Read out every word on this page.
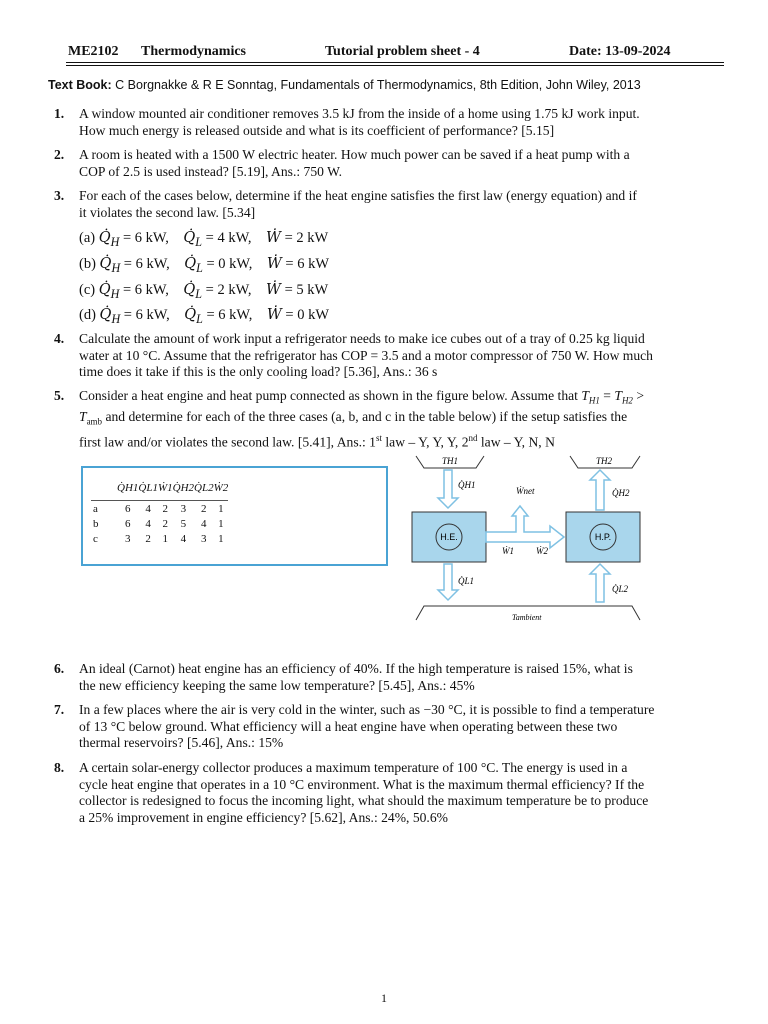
ME2102 Thermodynamics	Tutorial problem sheet - 4	Date: 13-09-2024
Text Book: C Borgnakke & R E Sonntag, Fundamentals of Thermodynamics, 8th Edition, John Wiley, 2013
1. A window mounted air conditioner removes 3.5 kJ from the inside of a home using 1.75 kJ work input.
How much energy is released outside and what is its coefficient of performance? [5.15]
2. A room is heated with a 1500 W electric heater. How much power can be saved if a heat pump with a
COP of 2.5 is used instead? [5.19], Ans.: 750 W.
3. For each of the cases below, determine if the heat engine satisfies the first law (energy equation) and if
it violates the second law. [5.34]
(a) $Q̇_H = 6$ kW, $Q̇_L = 4$ kW, Ẇ = 2 kW
(b) $Q̇_H = 6$ kW, $Q̇_L = 0$ kW, Ẇ = 6 kW
(c) $Q̇_H = 6$ kW, $Q̇_L = 2$ kW, Ẇ = 5 kW
(d) $Q̇_H = 6$ kW, $Q̇_L = 6$ kW, Ẇ = 0 kW
4. Calculate the amount of work input a refrigerator needs to make ice cubes out of a tray of 0.25 kg liquid
water at 10 °C. Assume that the refrigerator has COP = 3.5 and a motor compressor of 750 W. How much
time does it take if this is the only cooling load? [5.36], Ans.: 36 s
5. Consider a heat engine and heat pump connected as shown in the figure below. Assume that $T_{H1} = T_{H2}$ >
$T_{amb}$ and determine for each of the three cases (a, b, and c in the table below) if the setup satisfies the
first law and/or violates the second law. [5.41], Ans.: 1st law – Y, Y, Y, 2nd law – Y, N, N
	Q̇H1	Q̇L1	Ẇ1	Q̇H2	Q̇L2	Ẇ2
a	6	4	2	3	2	1
b	6	4	2	5	4	1
c	3	2	1	4	3	1
TH1	TH2
Q̇H1
Q̇H2
H.E.	H.P.
Ẇnet
Ẇ1 Ẇ2
Q̇L1
Q̇L2
Tambient
6. An ideal (Carnot) heat engine has an efficiency of 40%. If the high temperature is raised 15%, what is
the new efficiency keeping the same low temperature? [5.45], Ans.: 45%
7. In a few places where the air is very cold in the winter, such as −30 °C, it is possible to find a temperature
of 13 °C below ground. What efficiency will a heat engine have when operating between these two
thermal reservoirs? [5.46], Ans.: 15%
8. A certain solar-energy collector produces a maximum temperature of 100 °C. The energy is used in a
cycle heat engine that operates in a 10 °C environment. What is the maximum thermal efficiency? If the
collector is redesigned to focus the incoming light, what should the maximum temperature be to produce
a 25% improvement in engine efficiency? [5.62], Ans.: 24%, 50.6%
1
